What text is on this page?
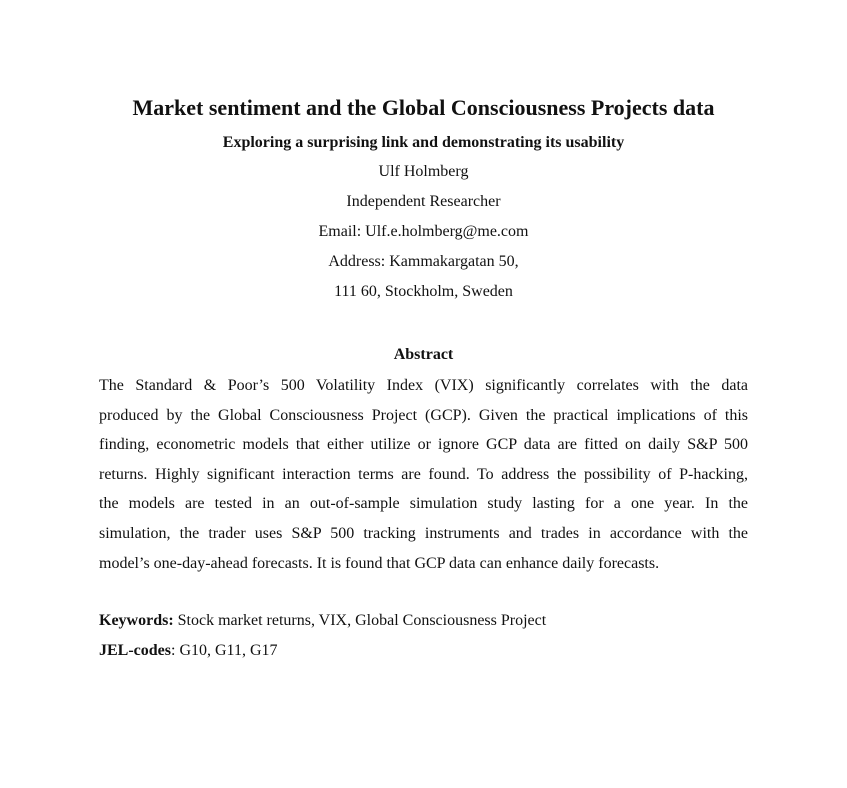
Market sentiment and the Global Consciousness Projects data
Exploring a surprising link and demonstrating its usability
Ulf Holmberg
Independent Researcher
Email: Ulf.e.holmberg@me.com
Address: Kammakargatan 50,
111 60, Stockholm, Sweden
Abstract
The Standard & Poor’s 500 Volatility Index (VIX) significantly correlates with the data
produced by the Global Consciousness Project (GCP). Given the practical implications of this
finding, econometric models that either utilize or ignore GCP data are fitted on daily S&P 500
returns. Highly significant interaction terms are found. To address the possibility of P-hacking,
the models are tested in an out-of-sample simulation study lasting for a one year. In the
simulation, the trader uses S&P 500 tracking instruments and trades in accordance with the
model’s one-day-ahead forecasts. It is found that GCP data can enhance daily forecasts.
Keywords: Stock market returns, VIX, Global Consciousness Project
JEL-codes: G10, G11, G17
